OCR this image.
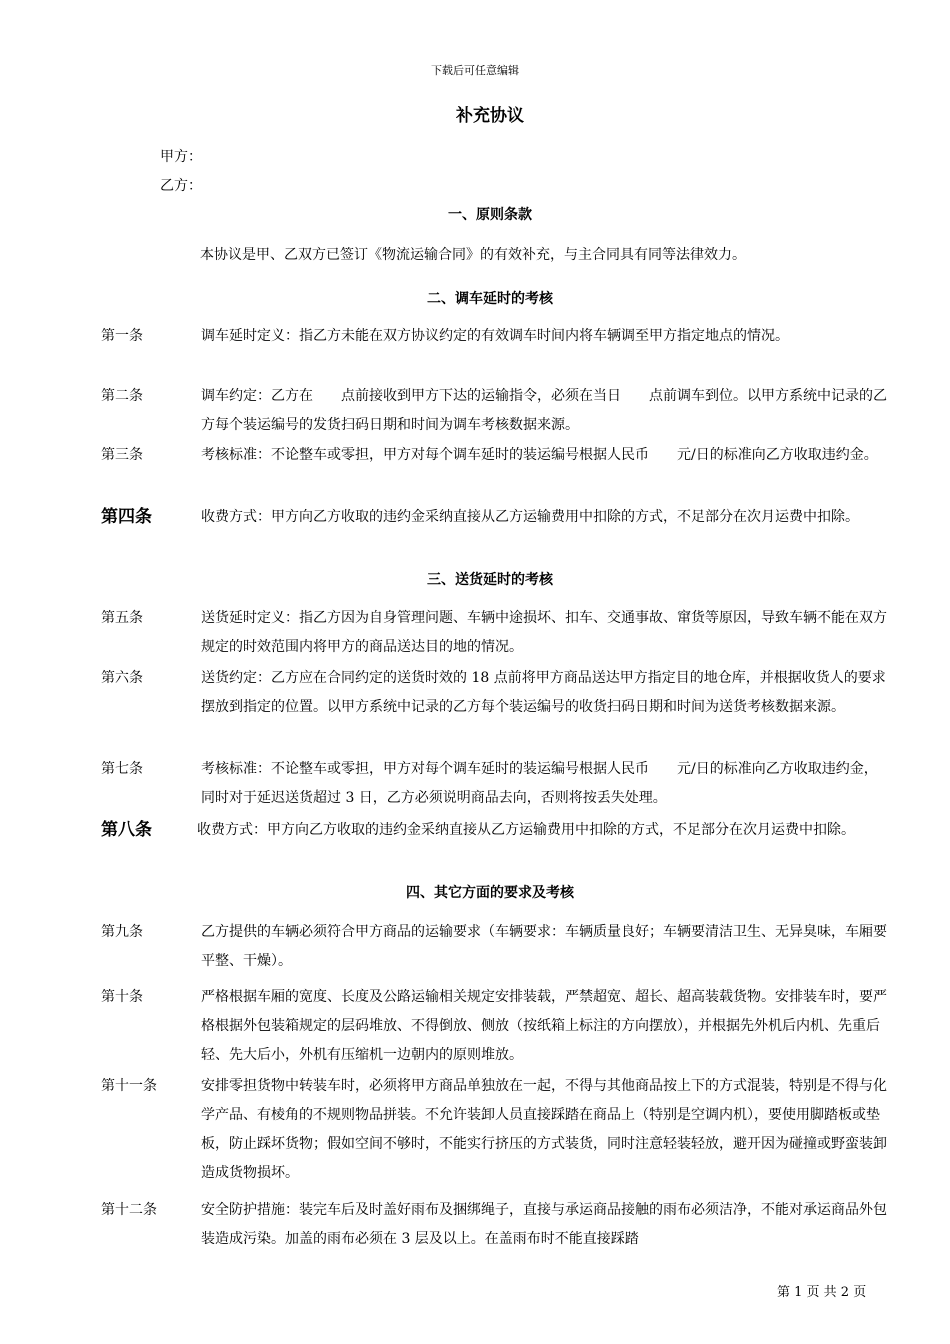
下载后可任意编辑
补充协议
甲方：
乙方：
一、原则条款
本协议是甲、乙双方已签订《物流运输合同》的有效补充，与主合同具有同等法律效力。
二、调车延时的考核
第一条	调车延时定义：指乙方未能在双方协议约定的有效调车时间内将车辆调至甲方指定地点的情况。
第二条	调车约定：乙方在　　点前接收到甲方下达的运输指令，必须在当日　　点前调车到位。以甲方系统中记录的乙方每个装运编号的发货扫码日期和时间为调车考核数据来源。
第三条	考核标准：不论整车或零担，甲方对每个调车延时的装运编号根据人民币　　元/日的标准向乙方收取违约金。
第四条	收费方式：甲方向乙方收取的违约金采纳直接从乙方运输费用中扣除的方式，不足部分在次月运费中扣除。
三、送货延时的考核
第五条	送货延时定义：指乙方因为自身管理问题、车辆中途损坏、扣车、交通事故、窜货等原因，导致车辆不能在双方规定的时效范围内将甲方的商品送达目的地的情况。
第六条	送货约定：乙方应在合同约定的送货时效的 18 点前将甲方商品送达甲方指定目的地仓库，并根据收货人的要求摆放到指定的位置。以甲方系统中记录的乙方每个装运编号的收货扫码日期和时间为送货考核数据来源。
第七条	考核标准：不论整车或零担，甲方对每个调车延时的装运编号根据人民币　　元/日的标准向乙方收取违约金，同时对于延迟送货超过 3 日，乙方必须说明商品去向，否则将按丢失处理。
第八条	收费方式：甲方向乙方收取的违约金采纳直接从乙方运输费用中扣除的方式，不足部分在次月运费中扣除。
四、其它方面的要求及考核
第九条	乙方提供的车辆必须符合甲方商品的运输要求（车辆要求：车辆质量良好；车辆要清洁卫生、无异臭味，车厢要平整、干燥）。
第十条	严格根据车厢的宽度、长度及公路运输相关规定安排装载，严禁超宽、超长、超高装载货物。安排装车时，要严格根据外包装箱规定的层码堆放、不得倒放、侧放（按纸箱上标注的方向摆放），并根据先外机后内机、先重后轻、先大后小，外机有压缩机一边朝内的原则堆放。
第十一条	安排零担货物中转装车时，必须将甲方商品单独放在一起，不得与其他商品按上下的方式混装，特别是不得与化学产品、有棱角的不规则物品拼装。不允许装卸人员直接踩踏在商品上（特别是空调内机），要使用脚踏板或垫板，防止踩坏货物；假如空间不够时，不能实行挤压的方式装货，同时注意轻装轻放，避开因为碰撞或野蛮装卸造成货物损坏。
第十二条	安全防护措施：装完车后及时盖好雨布及捆绑绳子，直接与承运商品接触的雨布必须洁净，不能对承运商品外包装造成污染。加盖的雨布必须在 3 层及以上。在盖雨布时不能直接踩踏
第 1 页 共 2 页
